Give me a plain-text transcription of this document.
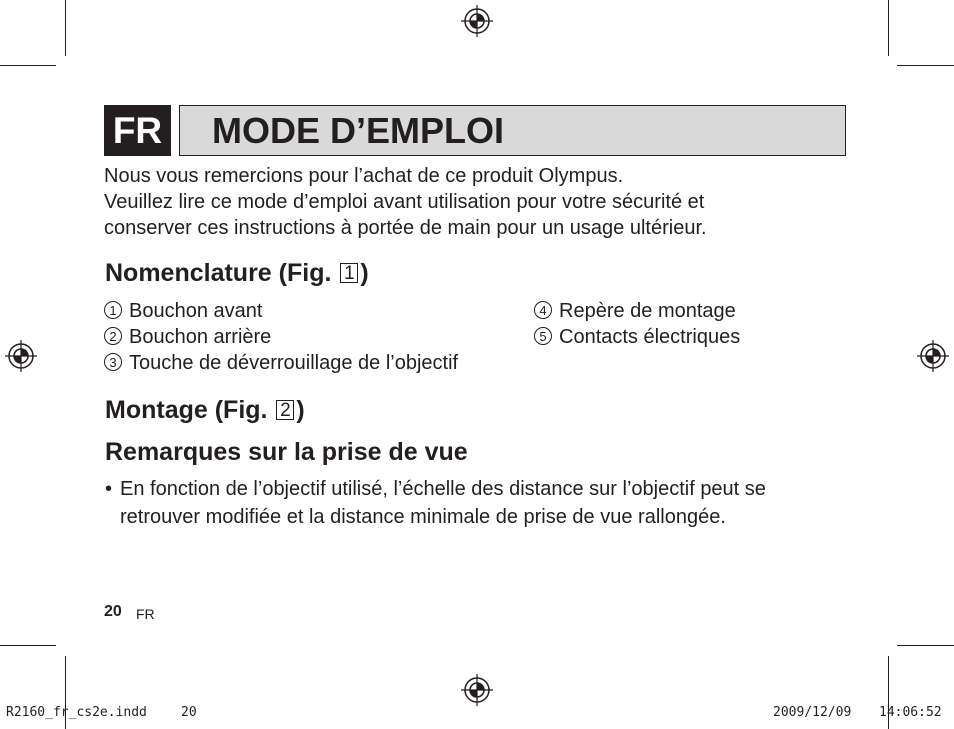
FR MODE D’EMPLOI
Nous vous remercions pour l’achat de ce produit Olympus.
Veuillez lire ce mode d’emploi avant utilisation pour votre sécurité et
conserver ces instructions à portée de main pour un usage ultérieur.
Nomenclature (Fig. 1 )
1 Bouchon avant
2 Bouchon arrière
3 Touche de déverrouillage de l’objectif
4 Repère de montage
5 Contacts électriques
Montage (Fig. 2 )
Remarques sur la prise de vue
• En fonction de l’objectif utilisé, l’échelle des distance sur l’objectif peut se
retrouver modifiée et la distance minimale de prise de vue rallongée.
20 FR
R2160_fr_cs2e.indd	20	2009/12/09 14:06:52
